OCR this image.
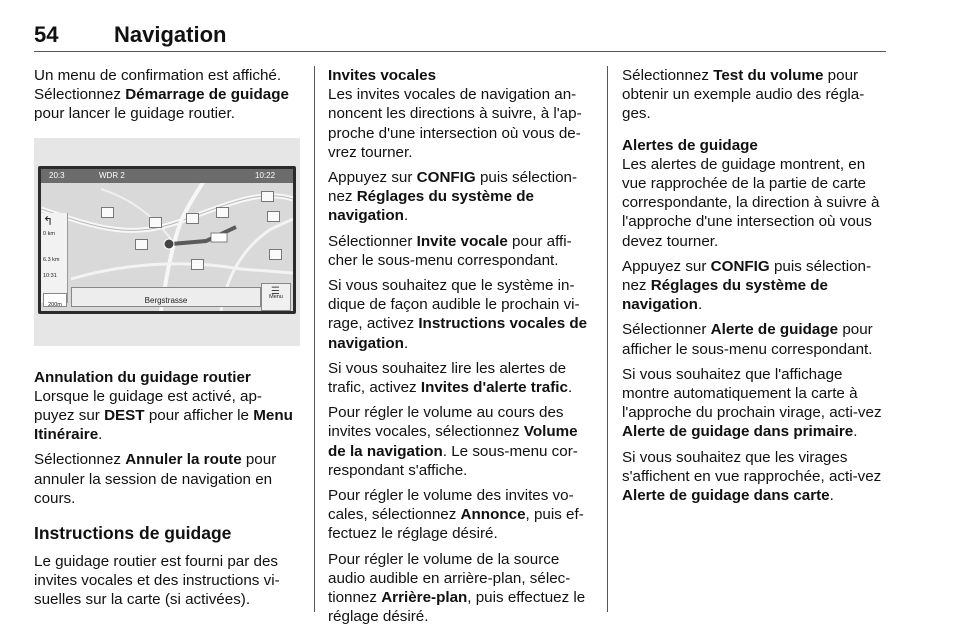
54	Navigation

Un menu de confirmation est affiché. Sélectionnez Démarrage de guidage pour lancer le guidage routier.

20:3	WDR 2	10:22
↰
0 km
6.3 km
10:31
200m	Bergstrasse
☰
Menu

Annulation du guidage routier

Lorsque le guidage est activé, ap-puyez sur DEST pour afficher le Menu Itinéraire.

Sélectionnez Annuler la route pour annuler la session de navigation en cours.

Instructions de guidage

Le guidage routier est fourni par des invites vocales et des instructions vi-suelles sur la carte (si activées).

Invites vocales

Les invites vocales de navigation an-noncent les directions à suivre, à l'ap-proche d'une intersection où vous de-vrez tourner.

Appuyez sur CONFIG puis sélection-nez Réglages du système de navigation.

Sélectionner Invite vocale pour affi-cher le sous-menu correspondant.

Si vous souhaitez que le système in-dique de façon audible le prochain vi-rage, activez Instructions vocales de navigation.

Si vous souhaitez lire les alertes de trafic, activez Invites d'alerte trafic.

Pour régler le volume au cours des invites vocales, sélectionnez Volume de la navigation. Le sous-menu cor-respondant s'affiche.

Pour régler le volume des invites vo-cales, sélectionnez Annonce, puis ef-fectuez le réglage désiré.

Pour régler le volume de la source audio audible en arrière-plan, sélec-tionnez Arrière-plan, puis effectuez le réglage désiré.

Sélectionnez Test du volume pour obtenir un exemple audio des régla-ges.

Alertes de guidage

Les alertes de guidage montrent, en vue rapprochée de la partie de carte correspondante, la direction à suivre à l'approche d'une intersection où vous devez tourner.

Appuyez sur CONFIG puis sélection-nez Réglages du système de navigation.

Sélectionner Alerte de guidage pour afficher le sous-menu correspondant.

Si vous souhaitez que l'affichage montre automatiquement la carte à l'approche du prochain virage, acti-vez Alerte de guidage dans primaire.

Si vous souhaitez que les virages s'affichent en vue rapprochée, acti-vez Alerte de guidage dans carte.
